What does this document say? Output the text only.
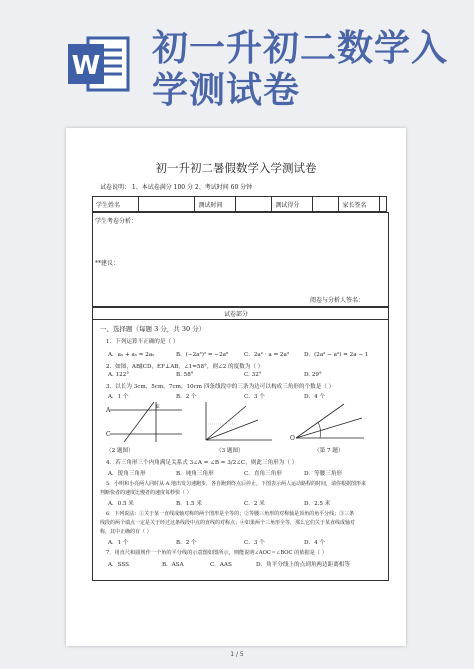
W 初一升初二数学入
学测试卷
初一升初二暑假数学入学测试卷
试卷说明： 1、本试卷满分 100 分 2、考试时间 60 分钟
学生姓名		测试时间		测试得分		家长签名	
学生考卷分析：
**建议：
阅卷与分析人签名：
试卷部分
一、选择题（每题 3 分，共 30 分）
1．下列运算不正确的是（ ）
A．a₅ + a₅ = 2a₅	B．(−2a³)² = −2a⁶	C．2a² · a = 2a³	D．(2a² − a²) = 2a − 1
2．如图，AB∥CD，EF⊥AB，∠1=58°，则∠2 的度数为（ ）
A. 122°	B. 58°	C. 32°	D. 29°
3．以长为 3cm，5cm，7cm，10cm 四条线段中的三条为边可以构成三角形的个数是（ ）
A．1 个	B．2 个	C．3 个	D．4 个
A
C
E
O
（2 题图）	（3 题图）	（第 7 题）
4．若三角形三个内角满足关系式 3∠A = ∠B = 3/2∠C，则此三角形为（ ）
A．锐角三角形	B．钝角三角形	C．直角三角形	D．等腰三角形
5．小明和小亮两人同时从 A 地出发匀速跑步，各自跑到终点后停止，下图表示两人运动路程的时间，请你根据图形来
判断快者的速度比慢者的速度每秒快（ ）
A．0.5 米	B．1.5 米	C．2 米	D．2.5 米
6．下列说法：①关于某一直线成轴对称的两个图形是全等的；②等腰三角形的对称轴是顶角的角平分线；③三条
线段的两个端点一定是关于经过这条线段中点的直线的对称点；④如果两个三角形全等，那么它们关于某直线成轴对
称，其中正确的有（ ）
A．1 个	B．2 个	C．3 个	D．4 个
7．用直尺和圆规作一个角的平分线的示意图如图所示，则能说明∠AOC＝∠BOC 的依据是（ ）
A．SSS	B．ASA	C．AAS	D．角平分线上的点到角两边距离相等
1 / 5
